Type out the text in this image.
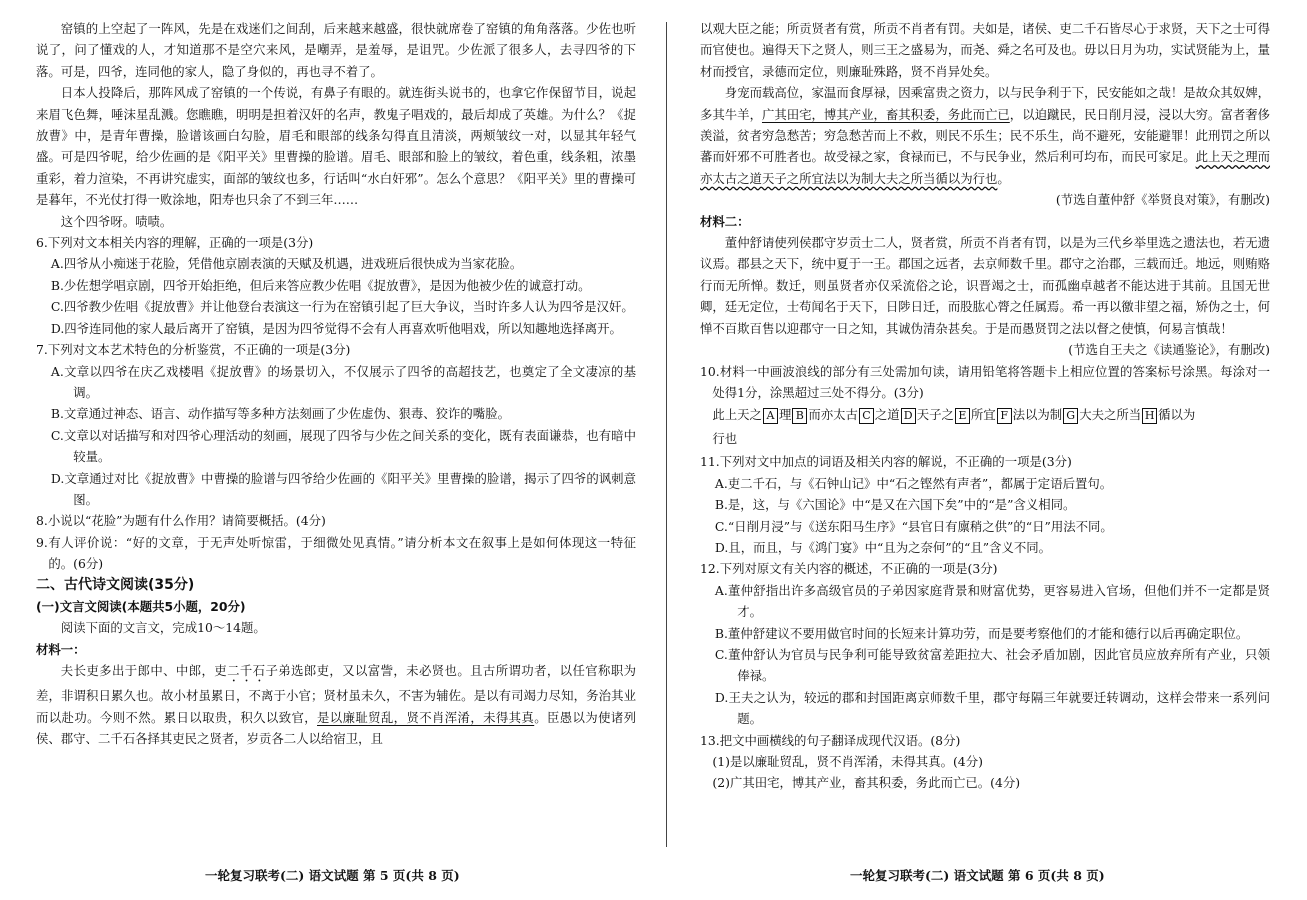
窑镇的上空起了一阵风，先是在戏迷们之间刮，后来越来越盛，很快就席卷了窑镇的角角落落。少佐也听说了，问了懂戏的人，才知道那不是空穴来风，是嘲弄，是羞辱，是诅咒。少佐派了很多人，去寻四爷的下落。可是，四爷，连同他的家人，隐了身似的，再也寻不着了。

日本人投降后，那阵风成了窑镇的一个传说，有鼻子有眼的。就连街头说书的，也拿它作保留节目，说起来眉飞色舞，唾沫星乱溅。您瞧瞧，明明是担着汉奸的名声，教鬼子唱戏的，最后却成了英雄。为什么？《捉放曹》中，是青年曹操，脸谱该画白勾脸，眉毛和眼部的线条勾得直且清淡，两颊皱纹一对，以显其年轻气盛。可是四爷呢，给少佐画的是《阳平关》里曹操的脸谱。眉毛、眼部和脸上的皱纹，着色重，线条粗，浓墨重彩，着力渲染，不再讲究虚实，面部的皱纹也多，行话叫“水白奸邪”。怎么个意思？《阳平关》里的曹操可是暮年，不光仗打得一败涂地，阳寿也只余了不到三年……

这个四爷呀。啧啧。

6.下列对文本相关内容的理解，正确的一项是(3分)

A.四爷从小痴迷于花脸，凭借他京剧表演的天赋及机遇，进戏班后很快成为当家花脸。

B.少佐想学唱京剧，四爷开始拒绝，但后来答应教少佐唱《捉放曹》，是因为他被少佐的诚意打动。

C.四爷教少佐唱《捉放曹》并让他登台表演这一行为在窑镇引起了巨大争议，当时许多人认为四爷是汉奸。

D.四爷连同他的家人最后离开了窑镇，是因为四爷觉得不会有人再喜欢听他唱戏，所以知趣地选择离开。

7.下列对文本艺术特色的分析鉴赏，不正确的一项是(3分)

A.文章以四爷在庆乙戏楼唱《捉放曹》的场景切入，不仅展示了四爷的高超技艺，也奠定了全文凄凉的基调。

B.文章通过神态、语言、动作描写等多种方法刻画了少佐虚伪、狠毒、狡诈的嘴脸。

C.文章以对话描写和对四爷心理活动的刻画，展现了四爷与少佐之间关系的变化，既有表面谦恭，也有暗中较量。

D.文章通过对比《捉放曹》中曹操的脸谱与四爷给少佐画的《阳平关》里曹操的脸谱，揭示了四爷的讽刺意图。

8.小说以“花脸”为题有什么作用？请简要概括。(4分)

9.有人评价说：“好的文章，于无声处听惊雷，于细微处见真情。”请分析本文在叙事上是如何体现这一特征的。(6分)

二、古代诗文阅读(35分)

(一)文言文阅读(本题共5小题，20分)

阅读下面的文言文，完成10～14题。

材料一：

夫长吏多出于郎中、中郎，吏二千石子弟选郎吏，又以富訾，未必贤也。且古所谓功者，以任官称职为差，非谓积日累久也。故小材虽累日，不离于小官；贤材虽未久，不害为辅佐。是以有司竭力尽知，务治其业而以赴功。今则不然。累日以取贵，积久以致官，是以廉耻贸乱，贤不肖浑淆，未得其真。臣愚以为使诸列侯、郡守、二千石各择其吏民之贤者，岁贡各二人以给宿卫，且

以观大臣之能；所贡贤者有赏，所贡不肖者有罚。夫如是，诸侯、吏二千石皆尽心于求贤，天下之士可得而官使也。遍得天下之贤人，则三王之盛易为，而尧、舜之名可及也。毋以日月为功，实试贤能为上，量材而授官，录德而定位，则廉耻殊路，贤不肖异处矣。

身宠而载高位，家温而食厚禄，因乘富贵之资力，以与民争利于下，民安能如之哉！是故众其奴婢，多其牛羊，广其田宅，博其产业，畜其积委，务此而亡已，以迫蹴民，民日削月浸，浸以大穷。富者奢侈羡溢，贫者穷急愁苦；穷急愁苦而上不救，则民不乐生；民不乐生，尚不避死，安能避罪！此刑罚之所以蕃而奸邪不可胜者也。故受禄之家，食禄而已，不与民争业，然后利可均布，而民可家足。此上天之理而亦太古之道天子之所宜法以为制大夫之所当循以为行也。

(节选自董仲舒《举贤良对策》，有删改)

材料二：

董仲舒请使列侯郡守岁贡士二人，贤者赏，所贡不肖者有罚，以是为三代乡举里选之遗法也，若无遗议焉。郡县之天下，统中夏于一王。郡国之远者，去京师数千里。郡守之治郡，三载而迁。地远，则贿赂行而无所惮。数迁，则虽贤者亦仅采流俗之论，识晋竭之士，而孤幽卓越者不能达进于其前。且国无世卿，廷无定位，士苟闻名于天下，日陟日迁，而股肱心膂之任属焉。希一再以徼非望之福，矫伪之士，何惮不百欺百售以迎郡守一日之知，其诚伪清杂甚矣。于是而愚贤罚之法以督之使慎，何易言慎哉！

(节选自王夫之《读通鉴论》，有删改)

10.材料一中画波浪线的部分有三处需加句读，请用铅笔将答题卡上相应位置的答案标号涂黑。每涂对一处得1分，涂黑超过三处不得分。(3分)

此上天之 A 理 B 而亦太古 C 之道 D 天子之 E 所宜 F 法以为制 G 大夫之所当 H 循以为
行也

11.下列对文中加点的词语及相关内容的解说，不正确的一项是(3分)

A.吏二千石，与《石钟山记》中“石之铿然有声者”，都属于定语后置句。

B.是，这，与《六国论》中“是又在六国下矣”中的“是”含义相同。

C.“日削月浸”与《送东阳马生序》“县官日有廪稍之供”的“日”用法不同。

D.且，而且，与《鸿门宴》中“且为之奈何”的“且”含义不同。

12.下列对原文有关内容的概述，不正确的一项是(3分)

A.董仲舒指出许多高级官员的子弟因家庭背景和财富优势，更容易进入官场，但他们并不一定都是贤才。

B.董仲舒建议不要用做官时间的长短来计算功劳，而是要考察他们的才能和德行以后再确定职位。

C.董仲舒认为官员与民争利可能导致贫富差距拉大、社会矛盾加剧，因此官员应放弃所有产业，只领俸禄。

D.王夫之认为，较远的郡和封国距离京师数千里，郡守每隔三年就要迁转调动，这样会带来一系列问题。

13.把文中画横线的句子翻译成现代汉语。(8分)

(1)是以廉耻贸乱，贤不肖浑淆，未得其真。(4分)

(2)广其田宅，博其产业，畜其积委，务此而亡已。(4分)

一轮复习联考(二) 语文试题 第 5 页(共 8 页)	一轮复习联考(二) 语文试题 第 6 页(共 8 页)
